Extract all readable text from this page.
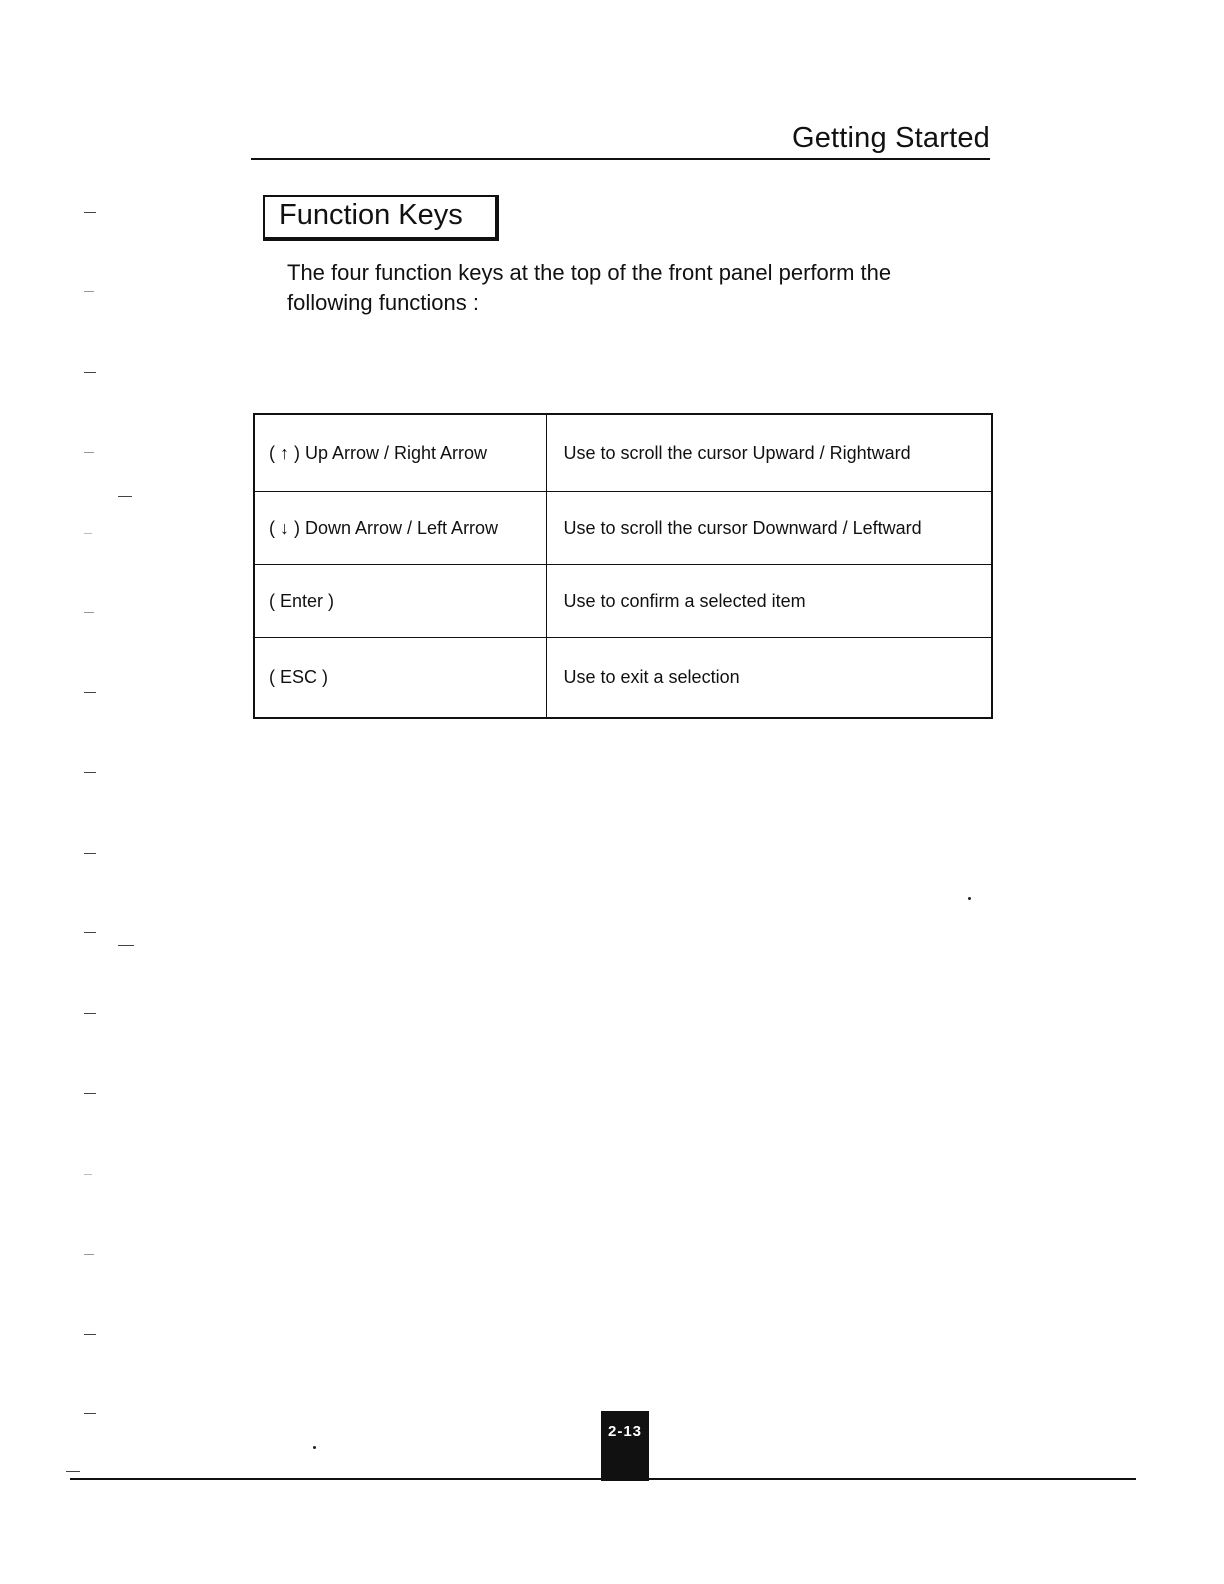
Getting Started
Function Keys

The four function keys at the top of the front panel perform the following functions :

( ↑ ) Up Arrow / Right Arrow	Use to scroll the cursor Upward / Rightward
( ↓ ) Down Arrow / Left Arrow	Use to scroll the cursor Downward / Leftward
( Enter )	Use to confirm a selected item
( ESC )	Use to exit a selection
2-13
